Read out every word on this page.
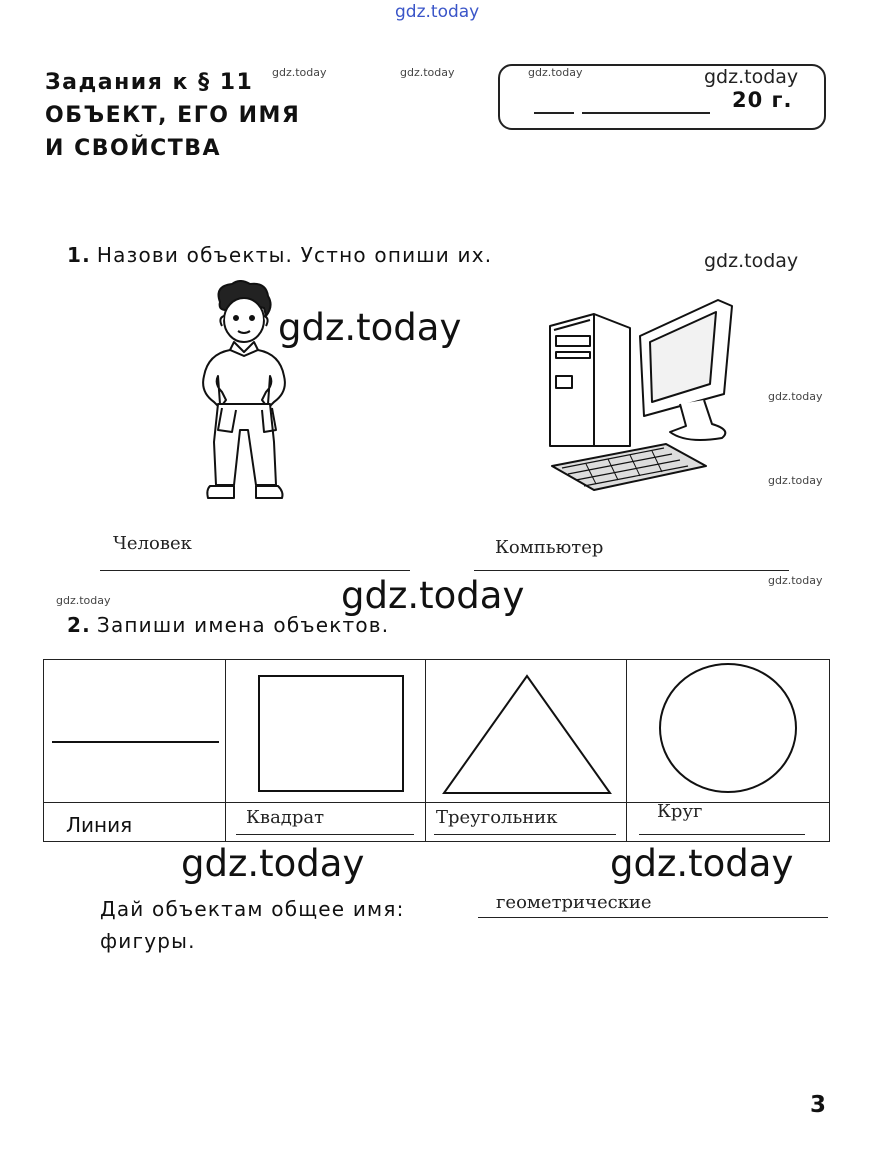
gdz.today
gdz.today	gdz.today	gdz.today	gdz.today
gdz.today
gdz.today
gdz.today
gdz.today
gdz.today
gdz.today	gdz.today
gdz.today	gdz.today
Задания к § 11
ОБЪЕКТ, ЕГО ИМЯ
И СВОЙСТВА
20 г.
1. Назови объекты. Устно опиши их.
Человек	Компьютер
2. Запиши имена объектов.

Линия	Квадрат	Треугольник	Круг
Дай объектам общее имя:	геометрические
фигуры.
3
